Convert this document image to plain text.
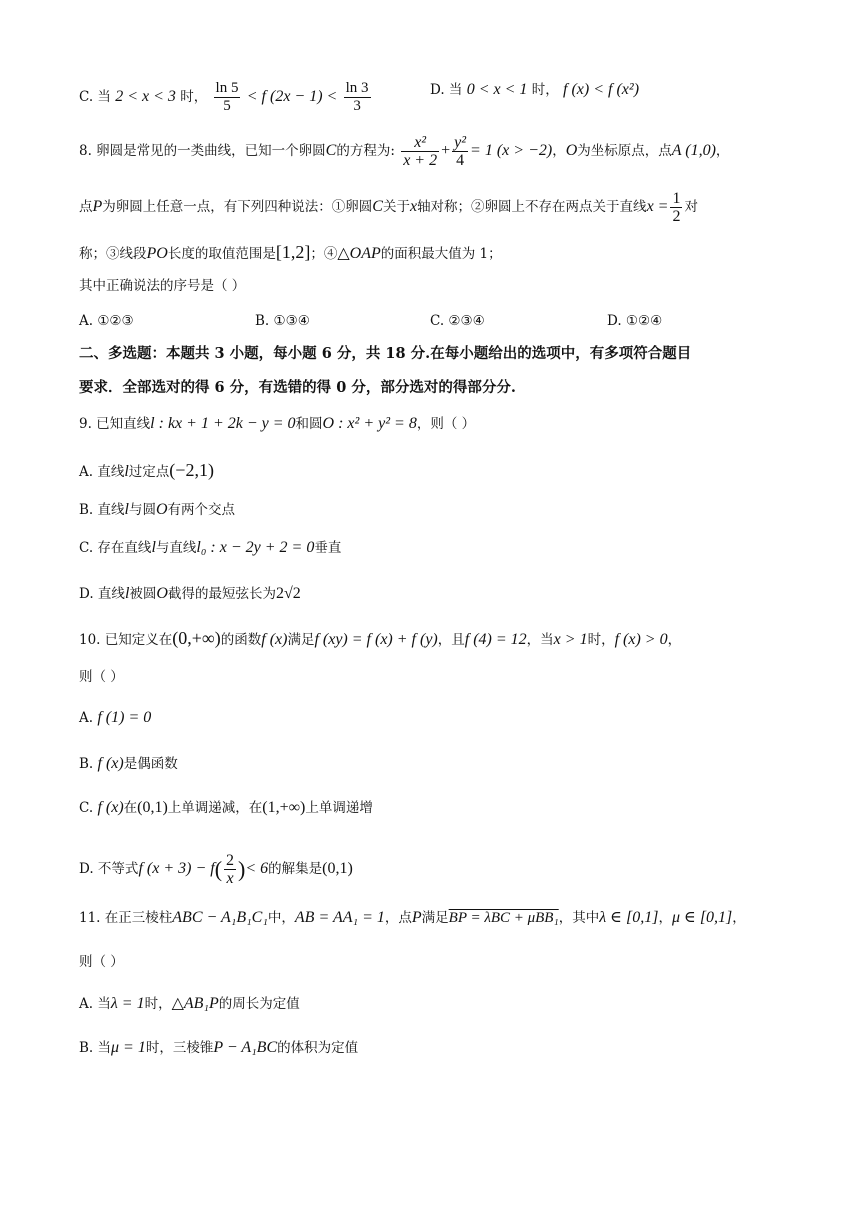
C. 当 2 < x < 3 时， $\frac{\ln 5}{5} < f$ $(2x - 1) < \frac{\ln 3}{3}$	D. 当 0 < x < 1 时， f (x) < f (x²)
8. 卵圆是常见的一类曲线，已知一个卵圆C的方程为: $\frac{\text{x²}}{x + 2} + \frac{\text{y²}}{4} = 1$ (x > −2)，O为坐标原点，点A (1,0)，
点P为卵圆上任意一点，有下列四种说法：①卵圆C关于x轴对称；②卵圆上不存在两点关于直线$x = \frac{1}{2}$ 对
称；③线段PO长度的取值范围是[1,2]；④△OAP的面积最大值为 1；
其中正确说法的序号是（ ）
A. ①②③	B. ①③④	C. ②③④	D. ①②④
二、多选题：本题共 3 小题，每小题 6 分，共 18 分.在每小题给出的选项中，有多项符合题目
要求．全部选对的得 6 分，有选错的得 0 分，部分选对的得部分分.
9. 已知直线l : kx + 1 + 2k − y = 0和圆O : x² + y² = 8，则（ ）
A. 直线l过定点(−2,1)
B. 直线l与圆O有两个交点
C. 存在直线l与直线l₀ : x − 2y + 2 = 0垂直
D. 直线l被圆O截得的最短弦长为2√2
10. 已知定义在(0,+∞)的函数f (x)满足f (xy) = f (x) + f (y)，且f (4) = 12，当x > 1时，f (x) > 0，
则（ ）
A. f (1) = 0
B. f (x)是偶函数
C. f (x)在(0,1)上单调递减，在(1,+∞)上单调递增
D. 不等式f $(x + 3) - f( \frac{2}{x}$ )< 6的解集是(0,1)
11. 在正三棱柱ABC − A₁B₁C₁中，AB = AA₁ = 1，点P满足BP = λBC + μBB₁，其中λ ∈ [0,1]，μ ∈ [0,1]，
则（ ）
A. 当λ = 1时，△AB₁P的周长为定值
B. 当μ = 1时，三棱锥P − A₁BC的体积为定值
